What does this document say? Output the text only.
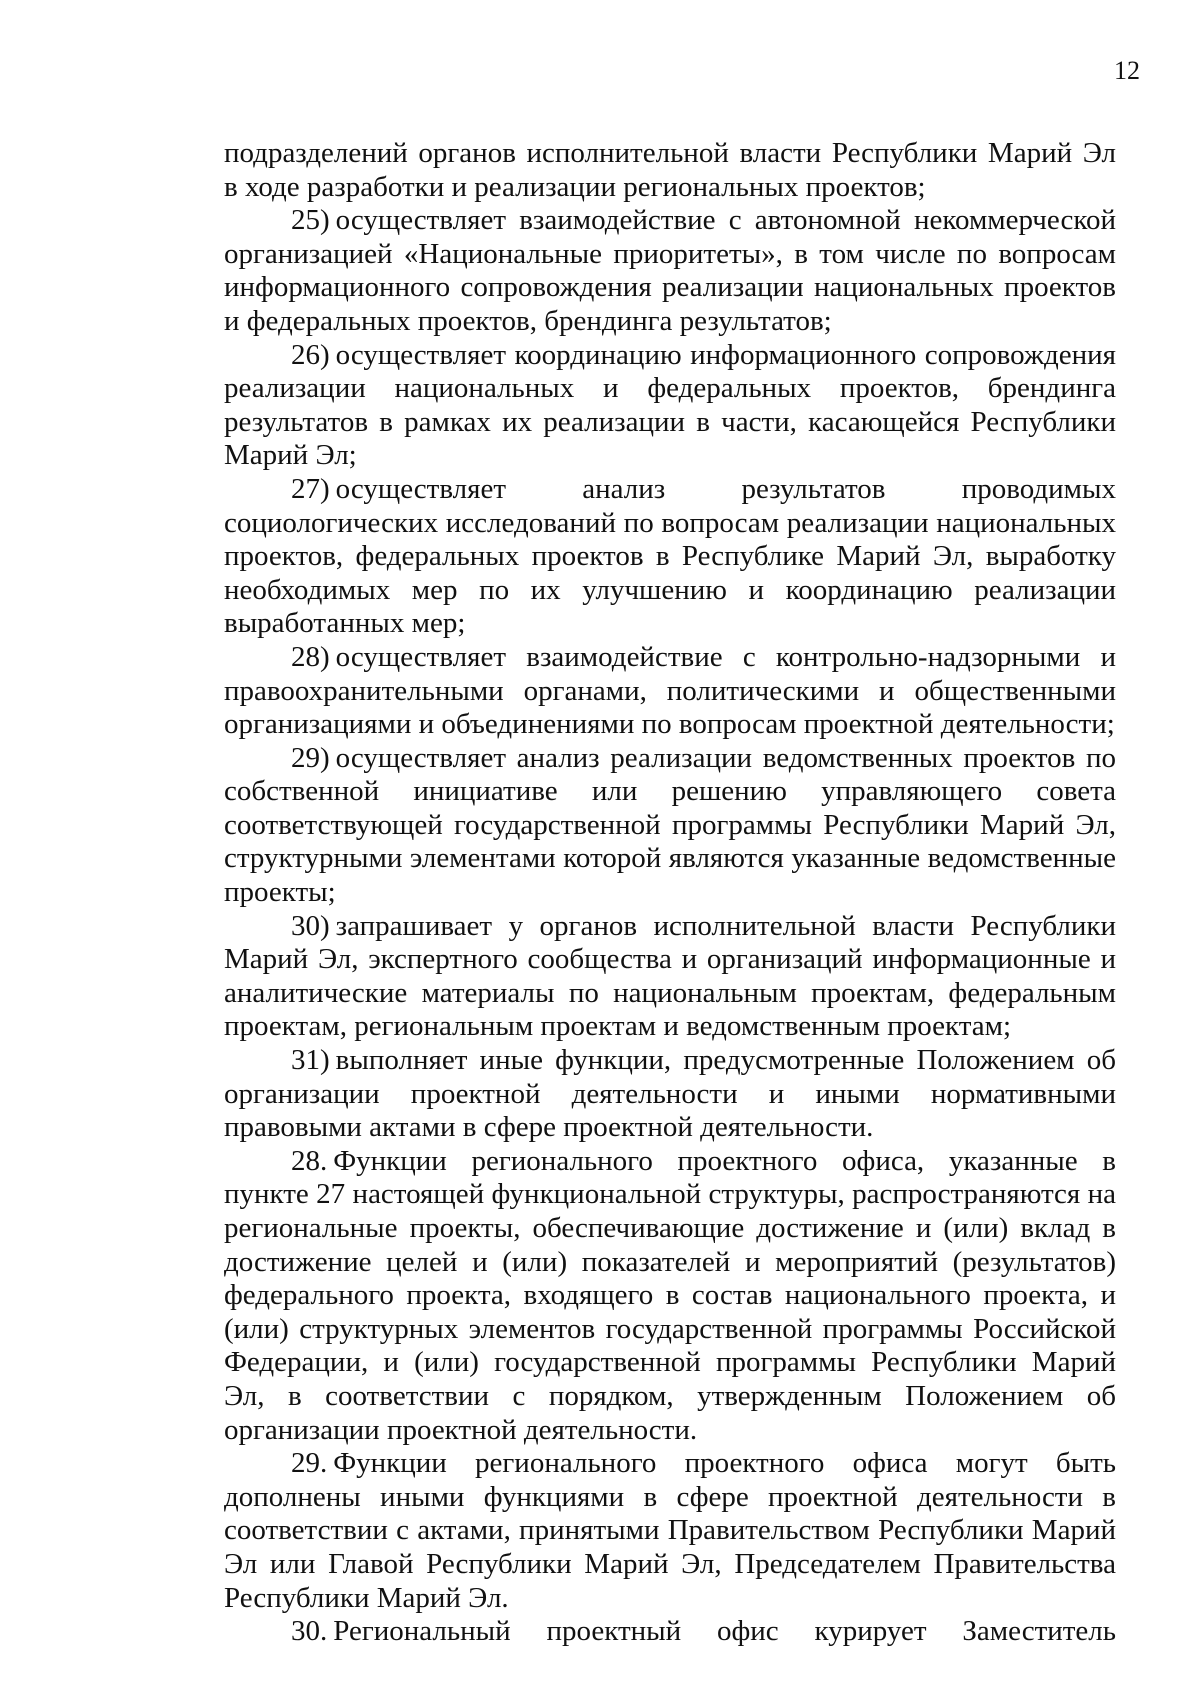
12

подразделений органов исполнительной власти Республики Марий Эл в ходе разработки и реализации региональных проектов;

25) осуществляет взаимодействие с автономной некоммерческой организацией «Национальные приоритеты», в том числе по вопросам информационного сопровождения реализации национальных проектов и федеральных проектов, брендинга результатов;

26) осуществляет координацию информационного сопровождения реализации национальных и федеральных проектов, брендинга результатов в рамках их реализации в части, касающейся Республики Марий Эл;

27) осуществляет анализ результатов проводимых социологических исследований по вопросам реализации национальных проектов, федеральных проектов в Республике Марий Эл, выработку необходимых мер по их улучшению и координацию реализации выработанных мер;

28) осуществляет взаимодействие с контрольно-надзорными и правоохранительными органами, политическими и общественными организациями и объединениями по вопросам проектной деятельности;

29) осуществляет анализ реализации ведомственных проектов по собственной инициативе или решению управляющего совета соответствующей государственной программы Республики Марий Эл, структурными элементами которой являются указанные ведомственные проекты;

30) запрашивает у органов исполнительной власти Республики Марий Эл, экспертного сообщества и организаций информационные и аналитические материалы по национальным проектам, федеральным проектам, региональным проектам и ведомственным проектам;

31) выполняет иные функции, предусмотренные Положением об организации проектной деятельности и иными нормативными правовыми актами в сфере проектной деятельности.

28. Функции регионального проектного офиса, указанные в пункте 27 настоящей функциональной структуры, распространяются на региональные проекты, обеспечивающие достижение и (или) вклад в достижение целей и (или) показателей и мероприятий (результатов) федерального проекта, входящего в состав национального проекта, и (или) структурных элементов государственной программы Российской Федерации, и (или) государственной программы Республики Марий Эл, в соответствии с порядком, утвержденным Положением об организации проектной деятельности.

29. Функции регионального проектного офиса могут быть дополнены иными функциями в сфере проектной деятельности в соответствии с актами, принятыми Правительством Республики Марий Эл или Главой Республики Марий Эл, Председателем Правительства Республики Марий Эл.

30. Региональный проектный офис курирует Заместитель
